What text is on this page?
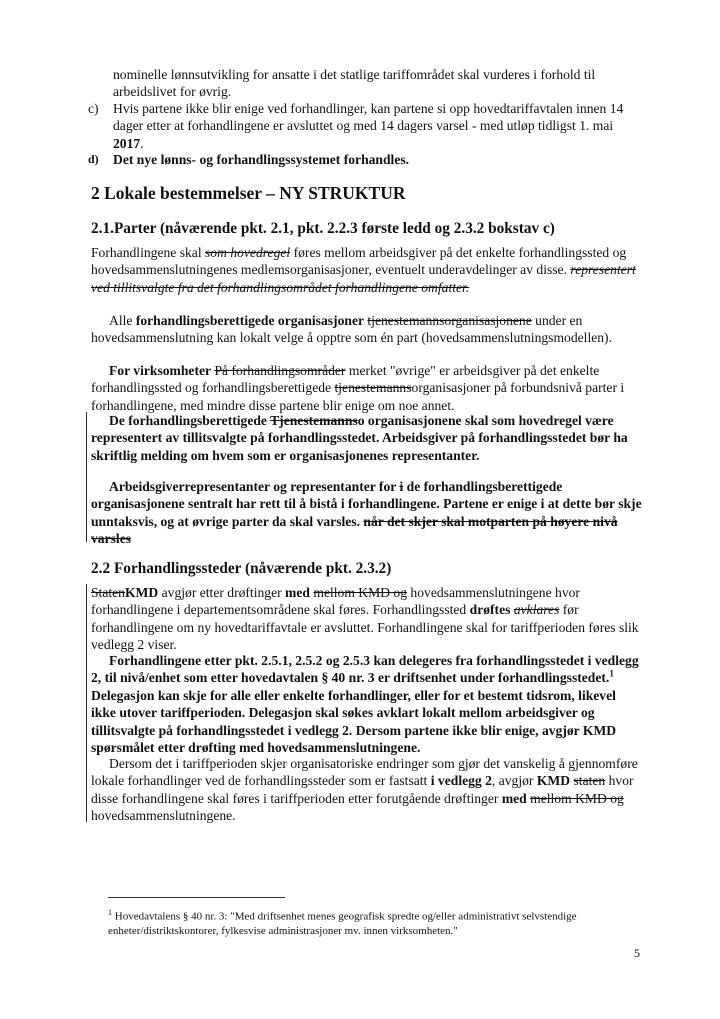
nominelle lønnsutvikling for ansatte i det statlige tariffområdet skal vurderes i forhold til arbeidslivet for øvrig.

c) Hvis partene ikke blir enige ved forhandlinger, kan partene si opp hovedtariffavtalen innen 14 dager etter at forhandlingene er avsluttet og med 14 dagers varsel - med utløp tidligst 1. mai 2017.
d) Det nye lønns- og forhandlingssystemet forhandles.
2 Lokale bestemmelser – NY STRUKTUR
2.1.Parter (nåværende pkt. 2.1, pkt. 2.2.3 første ledd og 2.3.2 bokstav c)

Forhandlingene skal som hovedregel føres mellom arbeidsgiver på det enkelte forhandlingssted og hovedsammenslutningenes medlemsorganisasjoner, eventuelt underavdelinger av disse. representert ved tillitsvalgte fra det forhandlingsområdet forhandlingene omfatter.

Alle forhandlingsberettigede organisasjoner tjenestemannsorganisasjonene under en hovedsammenslutning kan lokalt velge å opptre som én part (hovedsammenslutningsmodellen).

For virksomheter På forhandlingsområder merket "øvrige" er arbeidsgiver på det enkelte forhandlingssted og forhandlingsberettigede tjenestemannsorganisasjoner på forbundsnivå parter i forhandlingene, med mindre disse partene blir enige om noe annet.

De forhandlingsberettigede Tjenestemannso organisasjonene skal som hovedregel være representert av tillitsvalgte på forhandlingsstedet. Arbeidsgiver på forhandlingsstedet bør ha skriftlig melding om hvem som er organisasjonenes representanter.

Arbeidsgiverrepresentanter og representanter for i de forhandlingsberettigede organisasjonene sentralt har rett til å bistå i forhandlingene. Partene er enige i at dette bør skje unntaksvis, og at øvrige parter da skal varsles. når det skjer skal motparten på høyere nivå varsles

2.2 Forhandlingssteder (nåværende pkt. 2.3.2)

StatenKMD avgjør etter drøftinger med mellom KMD og hovedsammenslutningene hvor forhandlingene i departementsområdene skal føres. Forhandlingssted drøftes avklares før forhandlingene om ny hovedtariffavtale er avsluttet. Forhandlingene skal for tariffperioden føres slik vedlegg 2 viser.

Forhandlingene etter pkt. 2.5.1, 2.5.2 og 2.5.3 kan delegeres fra forhandlingsstedet i vedlegg 2, til nivå/enhet som etter hovedavtalen § 40 nr. 3 er driftsenhet under forhandlingsstedet.$^1$ Delegasjon kan skje for alle eller enkelte forhandlinger, eller for et bestemt tidsrom, likevel ikke utover tariffperioden. Delegasjon skal søkes avklart lokalt mellom arbeidsgiver og tillitsvalgte på forhandlingsstedet i vedlegg 2. Dersom partene ikke blir enige, avgjør KMD spørsmålet etter drøfting med hovedsammenslutningene.

Dersom det i tariffperioden skjer organisatoriske endringer som gjør det vanskelig å gjennomføre lokale forhandlinger ved de forhandlingssteder som er fastsatt i vedlegg 2, avgjør KMD staten hvor disse forhandlingene skal føres i tariffperioden etter forutgående drøftinger med mellom KMD og hovedsammenslutningene.

$^1$ Hovedavtalens § 40 nr. 3: "Med driftsenhet menes geografisk spredte og/eller administrativt selvstendige enheter/distriktskontorer, fylkesvise administrasjoner mv. innen virksomheten."

5
